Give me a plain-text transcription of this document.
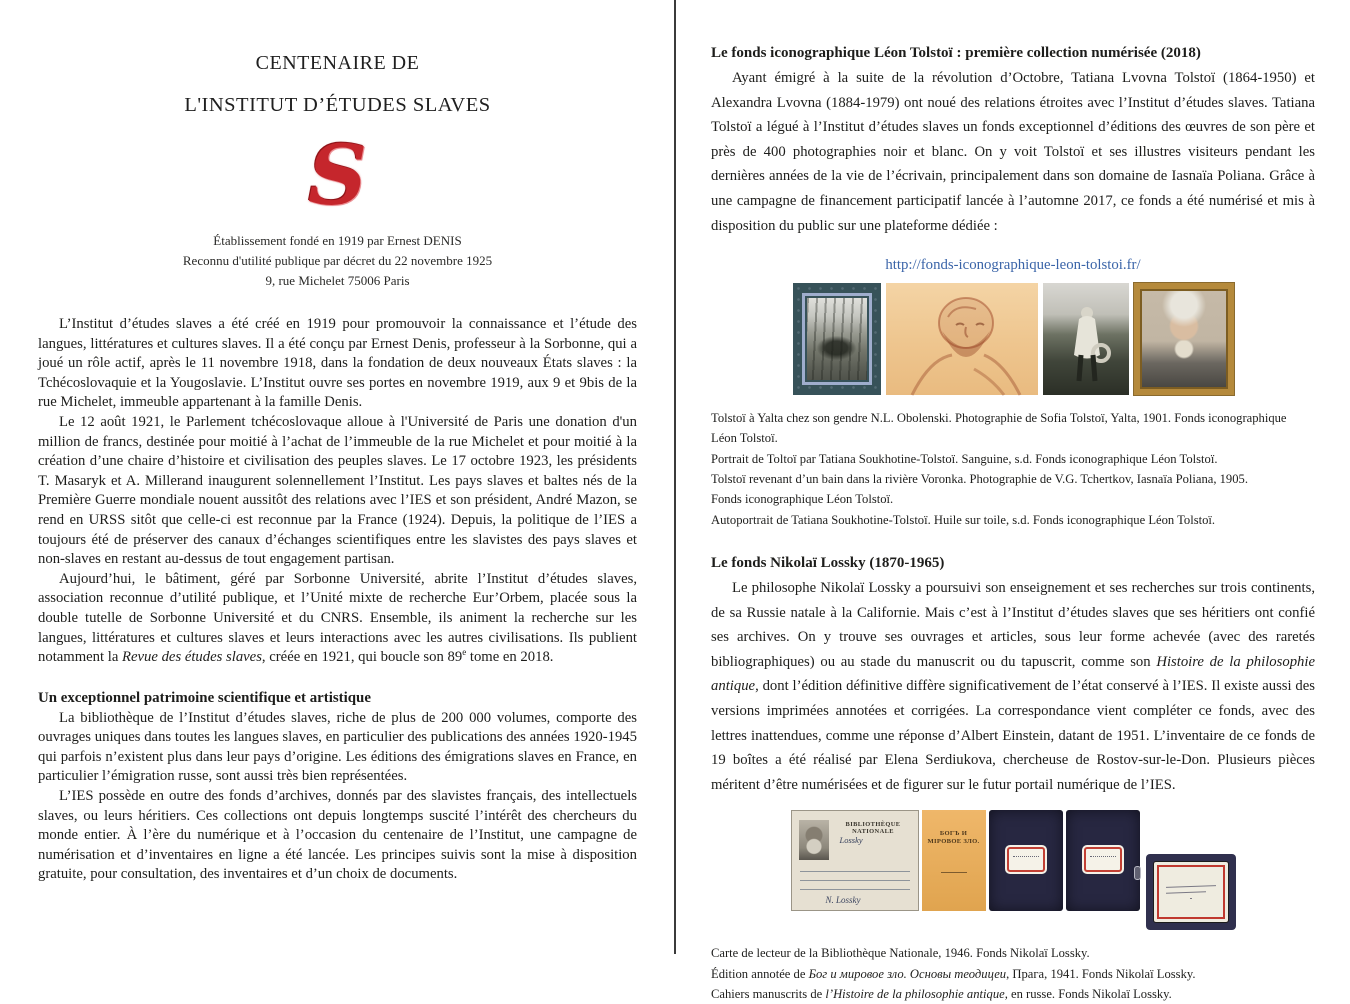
CENTENAIRE DE
L'INSTITUT D’ÉTUDES SLAVES
S
Établissement fondé en 1919 par Ernest DENIS
Reconnu d'utilité publique par décret du 22 novembre 1925
9, rue Michelet 75006 Paris

L’Institut d’études slaves a été créé en 1919 pour promouvoir la connaissance et l’étude des langues, littératures et cultures slaves. Il a été conçu par Ernest Denis, professeur à la Sorbonne, qui a joué un rôle actif, après le 11 novembre 1918, dans la fondation de deux nouveaux États slaves : la Tchécoslovaquie et la Yougoslavie. L’Institut ouvre ses portes en novembre 1919, aux 9 et 9bis de la rue Michelet, immeuble appartenant à la famille Denis.

Le 12 août 1921, le Parlement tchécoslovaque alloue à l'Université de Paris une donation d'un million de francs, destinée pour moitié à l’achat de l’immeuble de la rue Michelet et pour moitié à la création d’une chaire d’histoire et civilisation des peuples slaves. Le 17 octobre 1923, les présidents T. Masaryk et A. Millerand inaugurent solennellement l’Institut. Les pays slaves et baltes nés de la Première Guerre mondiale nouent aussitôt des relations avec l’IES et son président, André Mazon, se rend en URSS sitôt que celle-ci est reconnue par la France (1924). Depuis, la politique de l’IES a toujours été de préserver des canaux d’échanges scientifiques entre les slavistes des pays slaves et non-slaves en restant au-dessus de tout engagement partisan.

Aujourd’hui, le bâtiment, géré par Sorbonne Université, abrite l’Institut d’études slaves, association reconnue d’utilité publique, et l’Unité mixte de recherche Eur’Orbem, placée sous la double tutelle de Sorbonne Université et du CNRS. Ensemble, ils animent la recherche sur les langues, littératures et cultures slaves et leurs interactions avec les autres civilisations. Ils publient notamment la Revue des études slaves, créée en 1921, qui boucle son 89e tome en 2018.

Un exceptionnel patrimoine scientifique et artistique

La bibliothèque de l’Institut d’études slaves, riche de plus de 200 000 volumes, comporte des ouvrages uniques dans toutes les langues slaves, en particulier des publications des années 1920-1945 qui parfois n’existent plus dans leur pays d’origine. Les éditions des émigrations slaves en France, en particulier l’émigration russe, sont aussi très bien représentées.

L’IES possède en outre des fonds d’archives, donnés par des slavistes français, des intellectuels slaves, ou leurs héritiers. Ces collections ont depuis longtemps suscité l’intérêt des chercheurs du monde entier. À l’ère du numérique et à l’occasion du centenaire de l’Institut, une campagne de numérisation et d’inventaires en ligne a été lancée. Les principes suivis sont la mise à disposition gratuite, pour consultation, des inventaires et d’un choix de documents.

Le fonds iconographique Léon Tolstoï : première collection numérisée (2018)

Ayant émigré à la suite de la révolution d’Octobre, Tatiana Lvovna Tolstoï (1864-1950) et Alexandra Lvovna (1884-1979) ont noué des relations étroites avec l’Institut d’études slaves. Tatiana Tolstoï a légué à l’Institut d’études slaves un fonds exceptionnel d’éditions des œuvres de son père et près de 400 photographies noir et blanc. On y voit Tolstoï et ses illustres visiteurs pendant les dernières années de la vie de l’écrivain, principalement dans son domaine de Iasnaïa Poliana. Grâce à une campagne de financement participatif lancée à l’automne 2017, ce fonds a été numérisé et mis à disposition du public sur une plateforme dédiée :

http://fonds-iconographique-leon-tolstoi.fr/
Tolstoï à Yalta chez son gendre N.L. Obolenski. Photographie de Sofia Tolstoï, Yalta, 1901. Fonds iconographique Léon Tolstoï.
Portrait de Toltoï par Tatiana Soukhotine-Tolstoï. Sanguine, s.d. Fonds iconographique Léon Tolstoï.
Tolstoï revenant d’un bain dans la rivière Voronka. Photographie de V.G. Tchertkov, Iasnaïa Poliana, 1905.
Fonds iconographique Léon Tolstoï.
Autoportrait de Tatiana Soukhotine-Tolstoï. Huile sur toile, s.d. Fonds iconographique Léon Tolstoï.
Le fonds Nikolaï Lossky (1870-1965)

Le philosophe Nikolaï Lossky a poursuivi son enseignement et ses recherches sur trois continents, de sa Russie natale à la Californie. Mais c’est à l’Institut d’études slaves que ses héritiers ont confié ses archives. On y trouve ses ouvrages et articles, sous leur forme achevée (avec des raretés bibliographiques) ou au stade du manuscrit ou du tapuscrit, comme son Histoire de la philosophie antique, dont l’édition définitive diffère significativement de l’état conservé à l’IES. Il existe aussi des versions imprimées annotées et corrigées. La correspondance vient compléter ce fonds, avec des lettres inattendues, comme une réponse d’Albert Einstein, datant de 1951. L’inventaire de ce fonds de 19 boîtes a été réalisé par Elena Serdiukova, chercheuse de Rostov-sur-le-Don. Plusieurs pièces méritent d’être numérisées et de figurer sur le futur portail numérique de l’IES.

BIBLIOTHÈQUE NATIONALE
Lossky
N. Lossky
БОГЪ И МІРОВОЕ ЗЛО.
Carte de lecteur de la Bibliothèque Nationale, 1946. Fonds Nikolaï Lossky.
Édition annotée de Бог и мировое зло. Основы теодицеи, Прага, 1941. Fonds Nikolaï Lossky.
Cahiers manuscrits de l’Histoire de la philosophie antique, en russe. Fonds Nikolaï Lossky.
